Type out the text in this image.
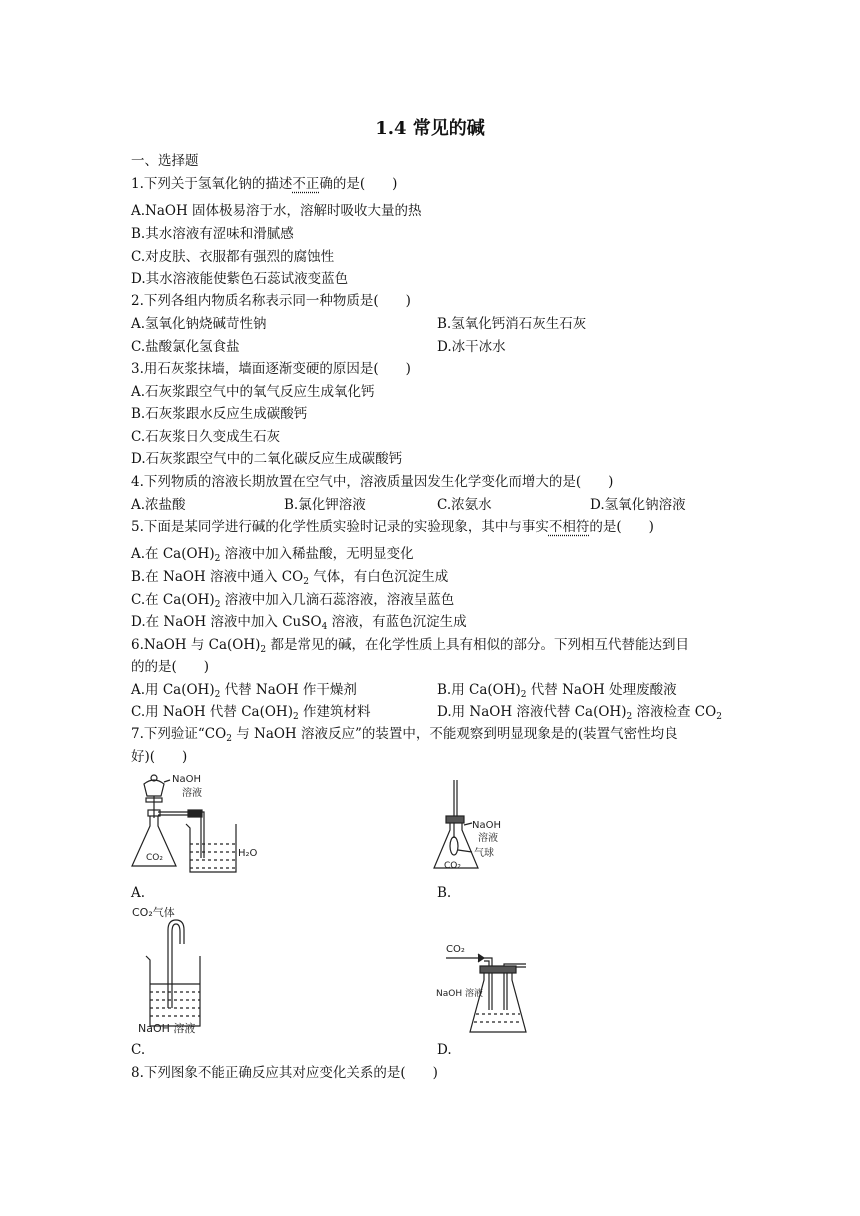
1.4 常见的碱
一、选择题
1.下列关于氢氧化钠的描述不正确的是(　　)
A.NaOH 固体极易溶于水，溶解时吸收大量的热
B.其水溶液有涩味和滑腻感
C.对皮肤、衣服都有强烈的腐蚀性
D.其水溶液能使紫色石蕊试液变蓝色
2.下列各组内物质名称表示同一种物质是(　　)
A.氢氧化钠烧碱苛性钠	B.氢氧化钙消石灰生石灰
C.盐酸氯化氢食盐	D.冰干冰水
3.用石灰浆抹墙，墙面逐渐变硬的原因是(　　)
A.石灰浆跟空气中的氧气反应生成氧化钙
B.石灰浆跟水反应生成碳酸钙
C.石灰浆日久变成生石灰
D.石灰浆跟空气中的二氧化碳反应生成碳酸钙
4.下列物质的溶液长期放置在空气中，溶液质量因发生化学变化而增大的是(　　)
A.浓盐酸	B.氯化钾溶液	C.浓氨水	D.氢氧化钠溶液
5.下面是某同学进行碱的化学性质实验时记录的实验现象，其中与事实不相符的是(　　)
A.在 $Ca(OH)_2$ 溶液中加入稀盐酸，无明显变化
B.在 NaOH 溶液中通入 $CO_2$ 气体，有白色沉淀生成
C.在 $Ca(OH)_2$ 溶液中加入几滴石蕊溶液，溶液呈蓝色
D.在 NaOH 溶液中加入 CuSO$_4$ 溶液，有蓝色沉淀生成
6.NaOH 与 $Ca(OH)_2$ 都是常见的碱，在化学性质上具有相似的部分。下列相互代替能达到目
的的是(　　)
A.用 $Ca(OH)_2$ 代替 NaOH 作干燥剂	B.用 $Ca(OH)_2$ 代替 NaOH 处理废酸液
C.用 NaOH 代替 $Ca(OH)_2$ 作建筑材料	D.用 NaOH 溶液代替 $Ca(OH)_2$ 溶液检查 $CO_2$
7.下列验证“$CO_2$ 与 NaOH 溶液反应”的装置中，不能观察到明显现象是的(装置气密性均良
好)(　　)
NaOH
溶液
CO₂	H₂O
A.
NaOH
溶液
气球
CO₂
B.
CO₂气体
NaOH 溶液
C.
CO₂
NaOH 溶液
D.
8.下列图象不能正确反应其对应变化关系的是(　　)
